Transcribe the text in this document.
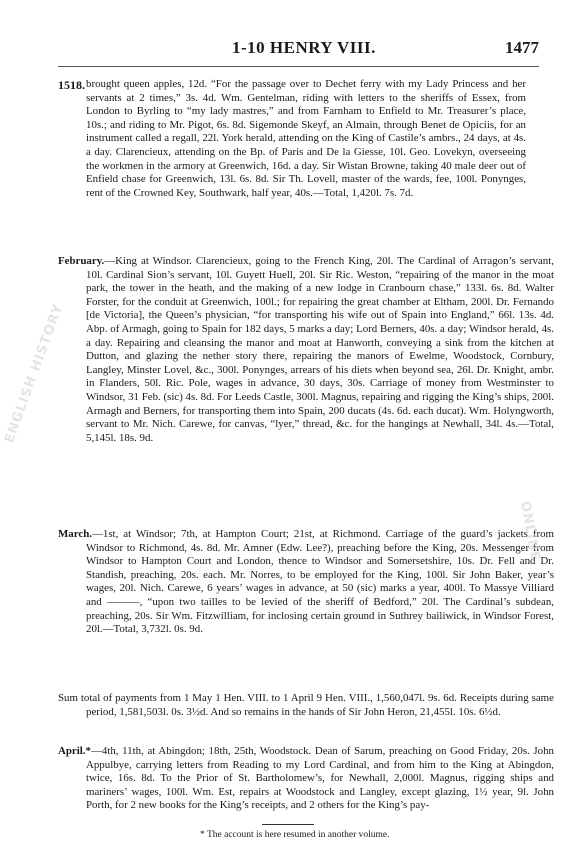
1-10 HENRY VIII.	1477
1518. brought queen apples, 12d. “For the passage over to Dechet ferry with my Lady Princess and her servants at 2 times,” 3s. 4d. Wm. Gentelman, riding with letters to the sheriffs of Essex, from London to Byrling to “my lady mastres,” and from Farnham to Enfield to Mr. Treasurer’s place, 10s.; and riding to Mr. Pigot, 6s. 8d. Sigemonde Skeyf, an Almain, through Benet de Opiciis, for an instrument called a regall, 22l. York herald, attending on the King of Castile’s ambrs., 24 days, at 4s. a day. Clarencieux, attending on the Bp. of Paris and De la Giesse, 10l. Geo. Lovekyn, overseeing the workmen in the armory at Greenwich, 16d. a day. Sir Wistan Browne, taking 40 male deer out of Enfield chase for Greenwich, 13l. 6s. 8d. Sir Th. Lovell, master of the wards, fee, 100l. Ponynges, rent of the Crowned Key, Southwark, half year, 40s.—Total, 1,420l. 7s. 7d.

February.—King at Windsor. Clarencieux, going to the French King, 20l. The Cardinal of Arragon’s servant, 10l. Cardinal Sion’s servant, 10l. Guyett Huell, 20l. Sir Ric. Weston, “repairing of the manor in the moat park, the tower in the heath, and the making of a new lodge in Cranbourn chase,” 133l. 6s. 8d. Walter Forster, for the conduit at Greenwich, 100l.; for repairing the great chamber at Eltham, 200l. Dr. Fernando [de Victoria], the Queen’s physician, “for transporting his wife out of Spain into England,” 66l. 13s. 4d. Abp. of Armagh, going to Spain for 182 days, 5 marks a day; Lord Berners, 40s. a day; Windsor herald, 4s. a day. Repairing and cleansing the manor and moat at Hanworth, conveying a sink from the kitchen at Dutton, and glazing the nether story there, repairing the manors of Ewelme, Woodstock, Cornbury, Langley, Minster Lovel, &c., 300l. Ponynges, arrears of his diets when beyond sea, 26l. Dr. Knight, ambr. in Flanders, 50l. Ric. Pole, wages in advance, 30 days, 30s. Carriage of money from Westminster to Windsor, 31 Feb. (sic) 4s. 8d. For Leeds Castle, 300l. Magnus, repairing and rigging the King’s ships, 200l. Armagh and Berners, for transporting them into Spain, 200 ducats (4s. 6d. each ducat). Wm. Holyngworth, servant to Mr. Nich. Carewe, for canvas, “lyer,” thread, &c. for the hangings at Newhall, 34l. 4s.—Total, 5,145l. 18s. 9d.

March.—1st, at Windsor; 7th, at Hampton Court; 21st, at Richmond. Carriage of the guard’s jackets from Windsor to Richmond, 4s. 8d. Mr. Amner (Edw. Lee?), preaching before the King, 20s. Messenger from Windsor to Hampton Court and London, thence to Windsor and Somersetshire, 10s. Dr. Fell and Dr. Standish, preaching, 20s. each. Mr. Norres, to be employed for the King, 100l. Sir John Baker, year’s wages, 20l. Nich. Carewe, 6 years’ wages in advance, at 50 (sic) marks a year, 400l. To Massye Villiard and ———, “upon two tailles to be levied of the sheriff of Bedford,” 20l. The Cardinal’s subdean, preaching, 20s. Sir Wm. Fitzwilliam, for inclosing certain ground in Suthrey bailiwick, in Windsor Forest, 20l.—Total, 3,732l. 0s. 9d.

Sum total of payments from 1 May 1 Hen. VIII. to 1 April 9 Hen. VIII., 1,560,047l. 9s. 6d. Receipts during same period, 1,581,503l. 0s. 3½d. And so remains in the hands of Sir John Heron, 21,455l. 10s. 6½d.

April.*—4th, 11th, at Abingdon; 18th, 25th, Woodstock. Dean of Sarum, preaching on Good Friday, 20s. John Appulbye, carrying letters from Reading to my Lord Cardinal, and from him to the King at Abingdon, twice, 16s. 8d. To the Prior of St. Bartholomew’s, for Newhall, 2,000l. Magnus, rigging ships and mariners’ wages, 100l. Wm. Est, repairs at Woodstock and Langley, except glazing, 1½ year, 9l. John Porth, for 2 new books for the King’s receipts, and 2 others for the King’s pay-

* The account is here resumed in another volume.
ENGLISH HISTORY
ONLINE
